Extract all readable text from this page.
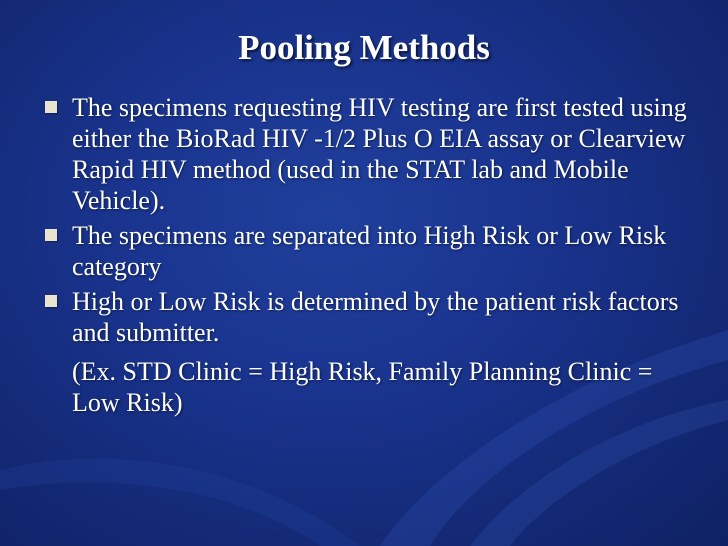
Pooling Methods
The specimens requesting HIV testing are first tested using either the BioRad HIV -1/2 Plus O EIA assay or Clearview Rapid HIV method (used in the STAT lab and Mobile Vehicle).
The specimens are separated into High Risk or Low Risk category
High or Low Risk is determined by the patient risk factors and submitter.
(Ex. STD Clinic = High Risk, Family Planning Clinic = Low Risk)
